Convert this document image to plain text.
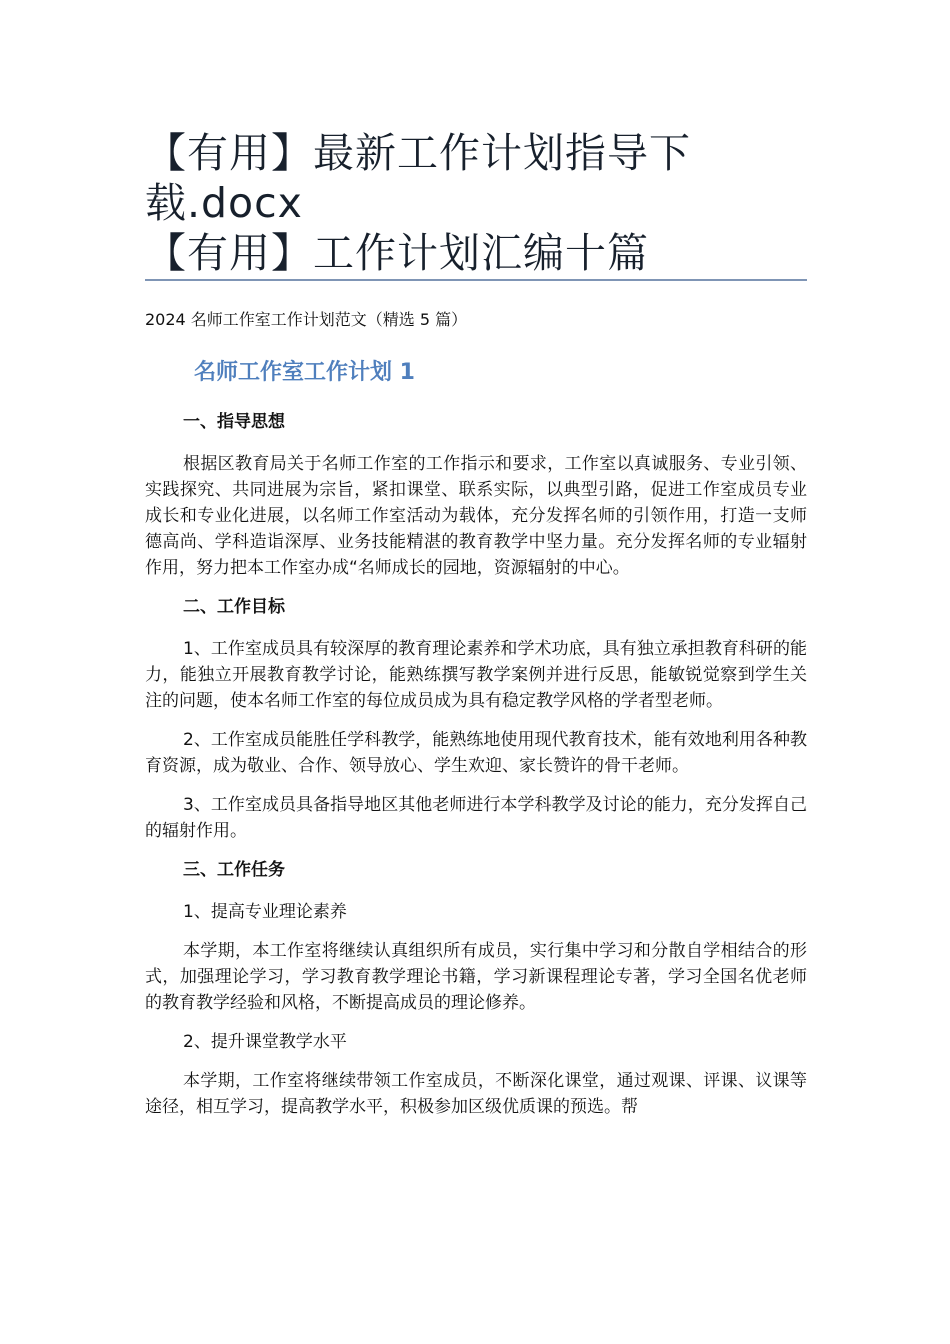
【有用】最新工作计划指导下
载.docx
【有用】工作计划汇编十篇
2024 名师工作室工作计划范文（精选 5 篇）
名师工作室工作计划 1
一、指导思想

根据区教育局关于名师工作室的工作指示和要求，工作室以真诚服务、专业引领、实践探究、共同进展为宗旨，紧扣课堂、联系实际，以典型引路，促进工作室成员专业成长和专业化进展，以名师工作室活动为载体，充分发挥名师的引领作用，打造一支师德高尚、学科造诣深厚、业务技能精湛的教育教学中坚力量。充分发挥名师的专业辐射作用，努力把本工作室办成“名师成长的园地，资源辐射的中心。

二、工作目标

1、工作室成员具有较深厚的教育理论素养和学术功底，具有独立承担教育科研的能力，能独立开展教育教学讨论，能熟练撰写教学案例并进行反思，能敏锐觉察到学生关注的问题，使本名师工作室的每位成员成为具有稳定教学风格的学者型老师。

2、工作室成员能胜任学科教学，能熟练地使用现代教育技术，能有效地利用各种教育资源，成为敬业、合作、领导放心、学生欢迎、家长赞许的骨干老师。

3、工作室成员具备指导地区其他老师进行本学科教学及讨论的能力，充分发挥自己的辐射作用。

三、工作任务
1、提高专业理论素养

本学期，本工作室将继续认真组织所有成员，实行集中学习和分散自学相结合的形式，加强理论学习，学习教育教学理论书籍，学习新课程理论专著，学习全国名优老师的教育教学经验和风格，不断提高成员的理论修养。

2、提升课堂教学水平

本学期，工作室将继续带领工作室成员，不断深化课堂，通过观课、评课、议课等途径，相互学习，提高教学水平，积极参加区级优质课的预选。帮
